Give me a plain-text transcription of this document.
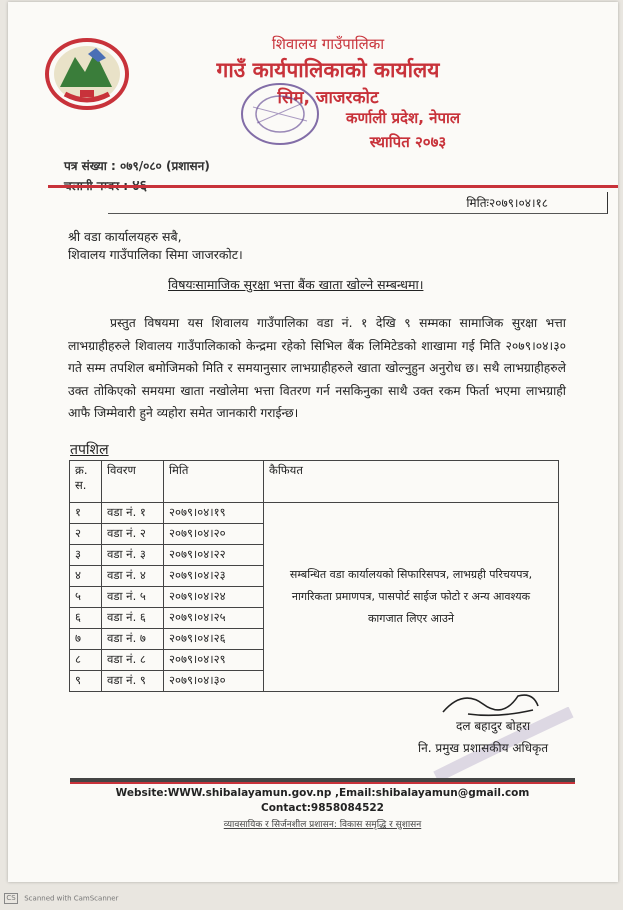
शिवालय गाउँपालिका
गाउँ कार्यपालिकाको कार्यालय
सिम, जाजरकोट
कर्णाली प्रदेश, नेपाल
स्थापित २०७३
पत्र संख्या : ०७९/०८० (प्रशासन)
मितिः२०७९।०४।१८
श्री वडा कार्यालयहरु सबै,
शिवालय गाउँपालिका सिमा जाजरकोट।
विषयःसामाजिक सुरक्षा भत्ता बैंक खाता खोल्ने सम्बन्धमा।
प्रस्तुत विषयमा यस शिवालय गाउँपालिका वडा नं. १ देखि ९ सम्मका सामाजिक सुरक्षा भत्ता लाभग्राहीहरुले शिवालय गाउँपालिकाको केन्द्रमा रहेको सिभिल बैंक लिमिटेडको शाखामा गई मिति २०७९।०४।३० गते सम्म तपशिल बमोजिमको मिति र समयानुसार लाभग्राहीहरुले खाता खोल्नुहुन अनुरोध छ। सथै लाभग्राहीहरुले उक्त तोकिएको समयमा खाता नखोलेमा भत्ता वितरण गर्न नसकिनुका साथै उक्त रकम फिर्ता भएमा लाभग्राही आफै जिम्मेवारी हुने व्यहोरा समेत जानकारी गराईन्छ।
तपशिल
क्र. स.	विवरण	मिति	कैफियत
१	वडा नं. १	२०७९।०४।१९	सम्बन्धित वडा कार्यालयको सिफारिसपत्र, लाभग्रही परिचयपत्र, नागरिकता प्रमाणपत्र, पासपोर्ट साईज फोटो र अन्य आवश्यक कागजात लिएर आउने
२	वडा नं. २	२०७९।०४।२०	
३	वडा नं. ३	२०७९।०४।२२	
४	वडा नं. ४	२०७९।०४।२३	
५	वडा नं. ५	२०७९।०४।२४	
६	वडा नं. ६	२०७९।०४।२५	
७	वडा नं. ७	२०७९।०४।२६	
८	वडा नं. ८	२०७९।०४।२९	
९	वडा नं. ९	२०७९।०४।३०	
दल बहादुर बोहरा
नि. प्रमुख प्रशासकीय अधिकृत
Website:WWW.shibalayamun.gov.np ,Email:shibalayamun@gmail.com
Contact:9858084522
व्यावसायिक र सिर्जनशील प्रशासन: विकास समृद्धि र सुशासन
CS Scanned with CamScanner
